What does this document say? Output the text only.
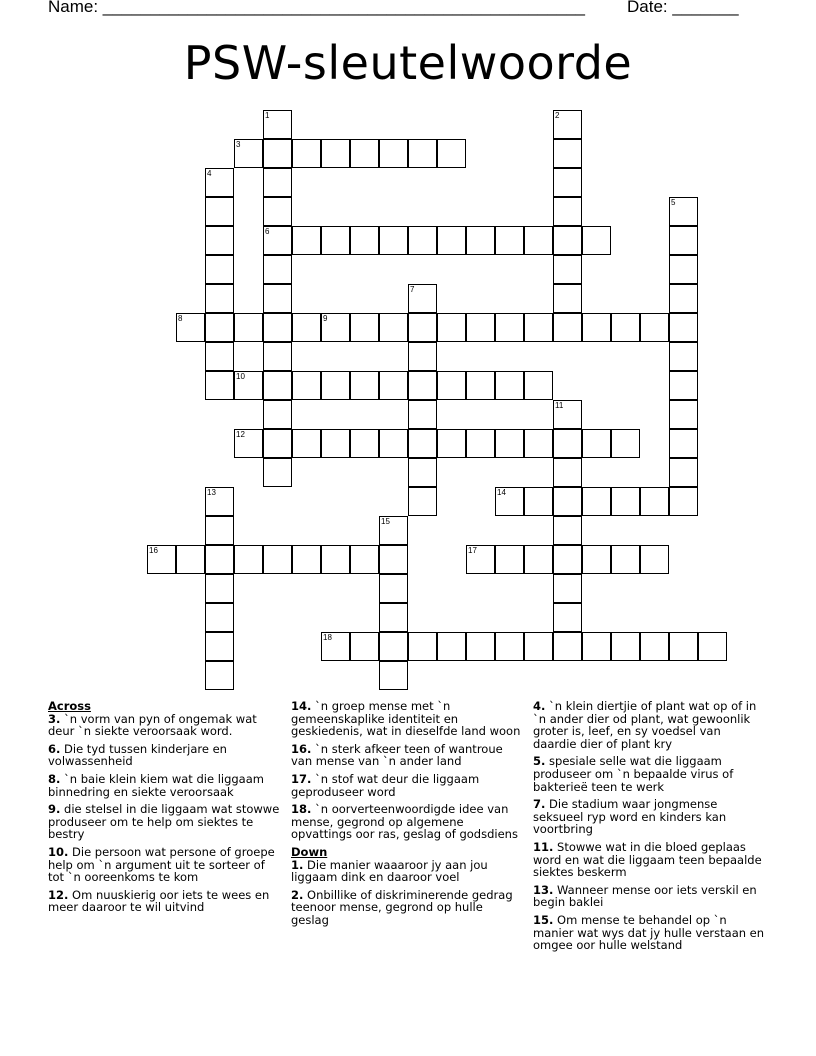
Name: ___________________________________________________ Date: _______
PSW-sleutelwoorde
1	2
3
4
5
6
7
8	9
10
11
12
13	14
15
16	17
18

Across

3. `n vorm van pyn of ongemak wat deur `n siekte veroorsaak word.

6. Die tyd tussen kinderjare en volwassenheid

8. `n baie klein kiem wat die liggaam binnedring en siekte veroorsaak

9. die stelsel in die liggaam wat stowwe produseer om te help om siektes te bestry

10. Die persoon wat persone of groepe help om `n argument uit te sorteer of tot `n ooreenkoms te kom

12. Om nuuskierig oor iets te wees en meer daaroor te wil uitvind

14. `n groep mense met `n gemeenskaplike identiteit en geskiedenis, wat in dieselfde land woon

16. `n sterk afkeer teen of wantroue van mense van `n ander land

17. `n stof wat deur die liggaam geproduseer word

18. `n oorverteenwoordigde idee van mense, gegrond op algemene opvattings oor ras, geslag of godsdiens

Down

1. Die manier waaaroor jy aan jou liggaam dink en daaroor voel

2. Onbillike of diskriminerende gedrag teenoor mense, gegrond op hulle geslag

4. `n klein diertjie of plant wat op of in `n ander dier od plant, wat gewoonlik groter is, leef, en sy voedsel van daardie dier of plant kry

5. spesiale selle wat die liggaam produseer om `n bepaalde virus of bakterieë teen te werk

7. Die stadium waar jongmense seksueel ryp word en kinders kan voortbring

11. Stowwe wat in die bloed geplaas word en wat die liggaam teen bepaalde siektes beskerm

13. Wanneer mense oor iets verskil en begin baklei

15. Om mense te behandel op `n manier wat wys dat jy hulle verstaan en omgee oor hulle welstand
